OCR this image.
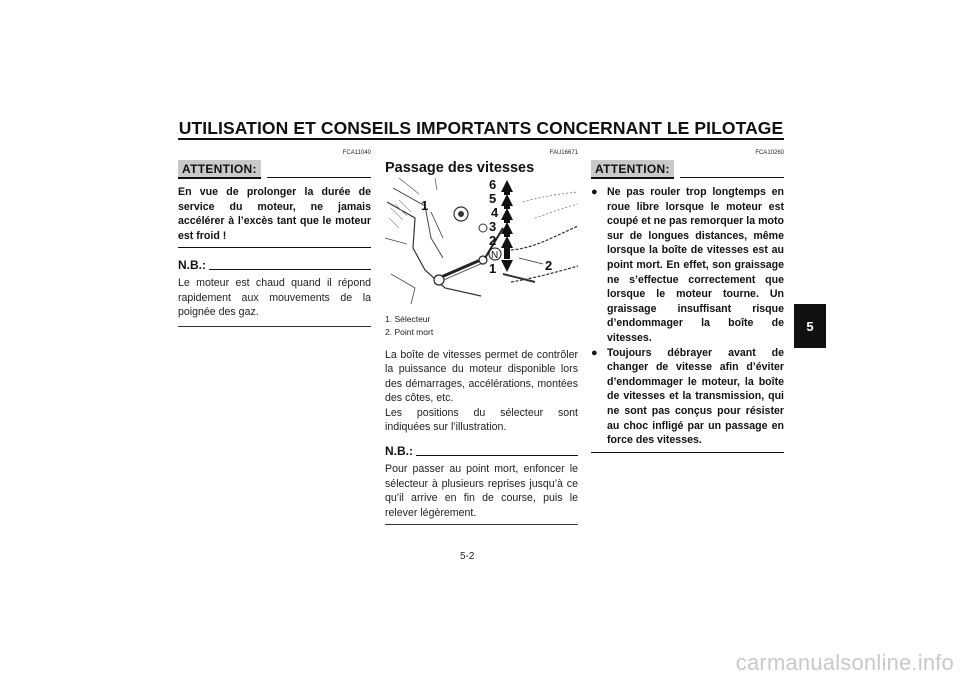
UTILISATION ET CONSEILS IMPORTANTS CONCERNANT LE PILOTAGE
FCA11040
ATTENTION:
En vue de prolonger la durée de service du moteur, ne jamais accélérer à l’excès tant que le moteur est froid !
N.B.:
Le moteur est chaud quand il répond rapidement aux mouvements de la poignée des gaz.
FAU16671
Passage des vitesses
1
2
6
5
4
3
2
1
N
1. Sélecteur
2. Point mort
La boîte de vitesses permet de contrôler la puissance du moteur disponible lors des démarrages, accélérations, montées des côtes, etc.
Les positions du sélecteur sont indiquées sur l’illustration.
N.B.:
Pour passer au point mort, enfoncer le sélecteur à plusieurs reprises jusqu’à ce qu’il arrive en fin de course, puis le relever légèrement.
FCA10260
ATTENTION:
● Ne pas rouler trop longtemps en roue libre lorsque le moteur est coupé et ne pas remorquer la moto sur de longues distances, même lorsque la boîte de vitesses est au point mort. En effet, son graissage ne s’effectue correctement que lorsque le moteur tourne. Un graissage insuffisant risque d’endommager la boîte de vitesses.
● Toujours débrayer avant de changer de vitesse afin d’éviter d’endommager le moteur, la boîte de vitesses et la transmission, qui ne sont pas conçus pour résister au choc infligé par un passage en force des vitesses.
5
5-2
carmanualsonline.info
